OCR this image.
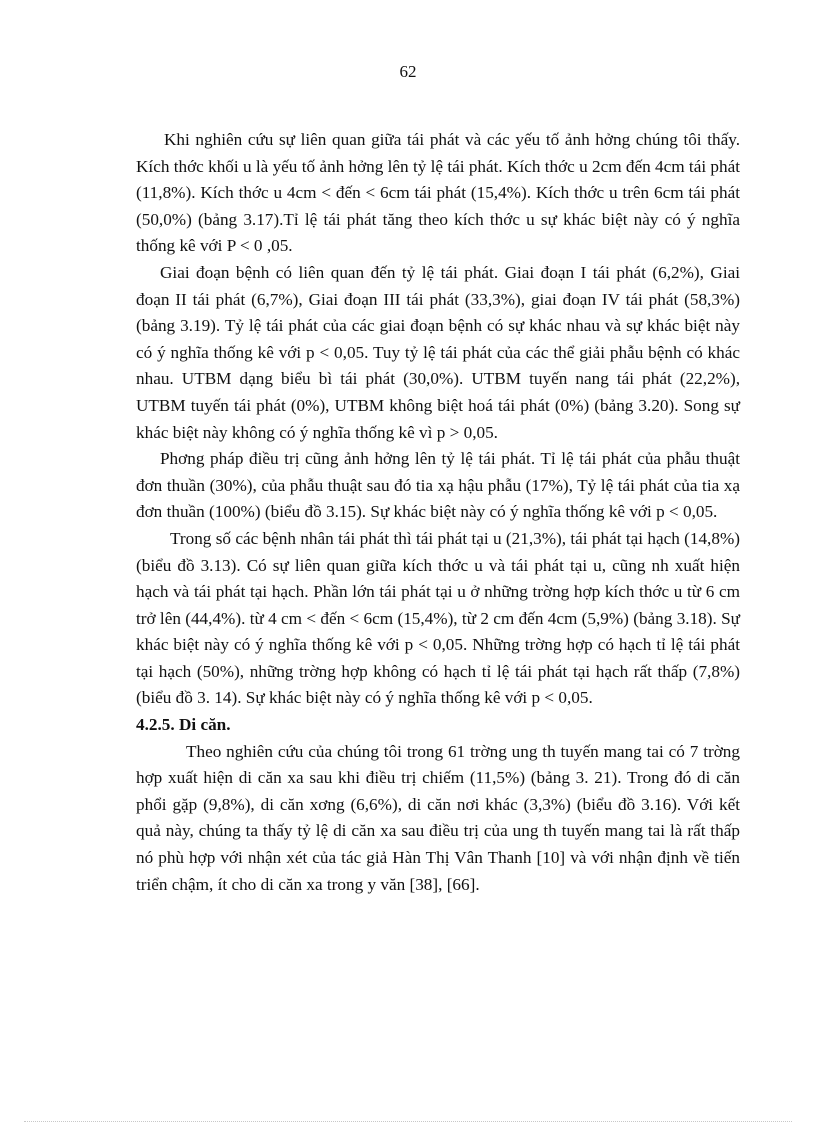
62

Khi nghiên cứu sự liên quan giữa tái phát và các yếu tố ảnh hởng chúng tôi thấy. Kích thớc khối u là yếu tố ảnh hởng lên tỷ lệ tái phát. Kích thớc u 2cm đến 4cm tái phát (11,8%). Kích thớc u 4cm < đến < 6cm tái phát (15,4%). Kích thớc u trên 6cm tái phát (50,0%) (bảng 3.17).Tỉ lệ tái phát tăng theo kích thớc u sự khác biệt này có ý nghĩa thống kê với P < 0 ,05.

Giai đoạn bệnh có liên quan đến tỷ lệ tái phát. Giai đoạn I tái phát (6,2%), Giai đoạn II tái phát (6,7%), Giai đoạn III tái phát (33,3%), giai đoạn IV tái phát (58,3%) (bảng 3.19). Tỷ lệ tái phát của các giai đoạn bệnh có sự khác nhau và sự khác biệt này có ý nghĩa thống kê với p < 0,05. Tuy tỷ lệ tái phát của các thể giải phẫu bệnh có khác nhau. UTBM dạng biểu bì tái phát (30,0%). UTBM tuyến nang tái phát (22,2%), UTBM tuyến tái phát (0%), UTBM không biệt hoá tái phát (0%) (bảng 3.20). Song sự khác biệt này không có ý nghĩa thống kê vì p > 0,05.

Phơng pháp điều trị cũng ảnh hởng lên tỷ lệ tái phát. Tỉ lệ tái phát của phẫu thuật đơn thuần (30%), của phẫu thuật sau đó tia xạ hậu phẫu (17%), Tỷ lệ tái phát của tia xạ đơn thuần (100%) (biểu đồ 3.15). Sự khác biệt này có ý nghĩa thống kê với p < 0,05.

Trong số các bệnh nhân tái phát thì tái phát tại u (21,3%), tái phát tại hạch (14,8%) (biểu đồ 3.13). Có sự liên quan giữa kích thớc u và tái phát tại u, cũng nh xuất hiện hạch và tái phát tại hạch. Phần lớn tái phát tại u ở những trờng hợp kích thớc u từ 6 cm trở lên (44,4%). từ 4 cm < đến < 6cm (15,4%), từ 2 cm đến 4cm (5,9%) (bảng 3.18). Sự khác biệt này có ý nghĩa thống kê với p < 0,05. Những trờng hợp có hạch tỉ lệ tái phát tại hạch (50%), những trờng hợp không có hạch tỉ lệ tái phát tại hạch rất thấp (7,8%) (biểu đồ 3. 14). Sự khác biệt này có ý nghĩa thống kê với p < 0,05.

4.2.5. Di căn.

Theo nghiên cứu của chúng tôi trong 61 trờng ung th tuyến mang tai có 7 trờng hợp xuất hiện di căn xa sau khi điều trị chiếm (11,5%) (bảng 3. 21). Trong đó di căn phổi gặp (9,8%), di căn xơng (6,6%), di căn nơi khác (3,3%) (biểu đồ 3.16). Với kết quả này, chúng ta thấy tỷ lệ di căn xa sau điều trị của ung th tuyến mang tai là rất thấp nó phù hợp với nhận xét của tác giả Hàn Thị Vân Thanh [10] và với nhận định về tiến triển chậm, ít cho di căn xa trong y văn [38], [66].
